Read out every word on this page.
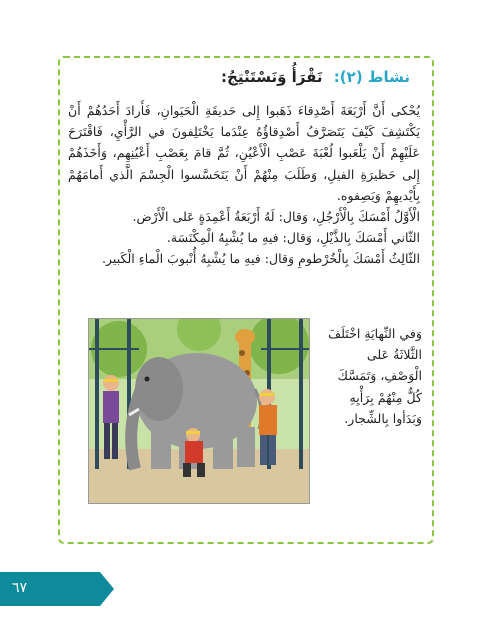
نشاط (٢): نَقْرَأُ وَنَسْتَنْتِجُ:

يُحْكى أَنَّ أَرْبَعَةَ أَصْدِقاءَ ذَهَبوا إِلى حَديقَةِ الْحَيَوانِ، فَأَرادَ أَحَدُهُمْ أَنْ يَكْتَشِفَ كَيْفَ يَتَصَرَّفُ أَصْدِقاؤُهُ عِنْدَما يَخْتَلِفونَ في الرَّأْيِ، فَاقْتَرَحَ عَلَيْهِمْ أَنْ يَلْعَبوا لُعْبَةَ عَصْبِ الْأَعْيُنِ، ثُمَّ قامَ بِعَصْبِ أَعْيُنِهِم، وَأَخَذَهُمْ إِلى حَظيرَةِ الفيلِ، وَطَلَبَ مِنْهُمْ أَنْ يَتَحَسَّسوا الْجِسْمَ الَّذي أَمامَهُمْ بِأَيْديهِمْ وَيَصِفوه.

الْأَوَّلُ أَمْسَكَ بِالْأَرْجُلِ، وَقال: لَهُ أَرْبَعَةُ أَعْمِدَةٍ عَلى الْأَرْض.

الثّاني أَمْسَكَ بِالذَّيْلِ، وَقال: فيهِ ما يُشْبِهُ الْمِكْنَسَة.

الثّالِثُ أَمْسَكَ بِالْخُرْطومِ وَقال: فيهِ ما يُشْبِهُ أُنْبوبَ الْماءِ الْكَبير.

وَفي النِّهايَةِ اخْتَلَفَ

الثَّلاثَةُ عَلى

الْوَصْفِ، وَتَمَسَّكَ

كُلٌّ مِنْهُمْ بِرَأْيِهِ

وَبَدَأوا بِالشِّجار.

٦٧
